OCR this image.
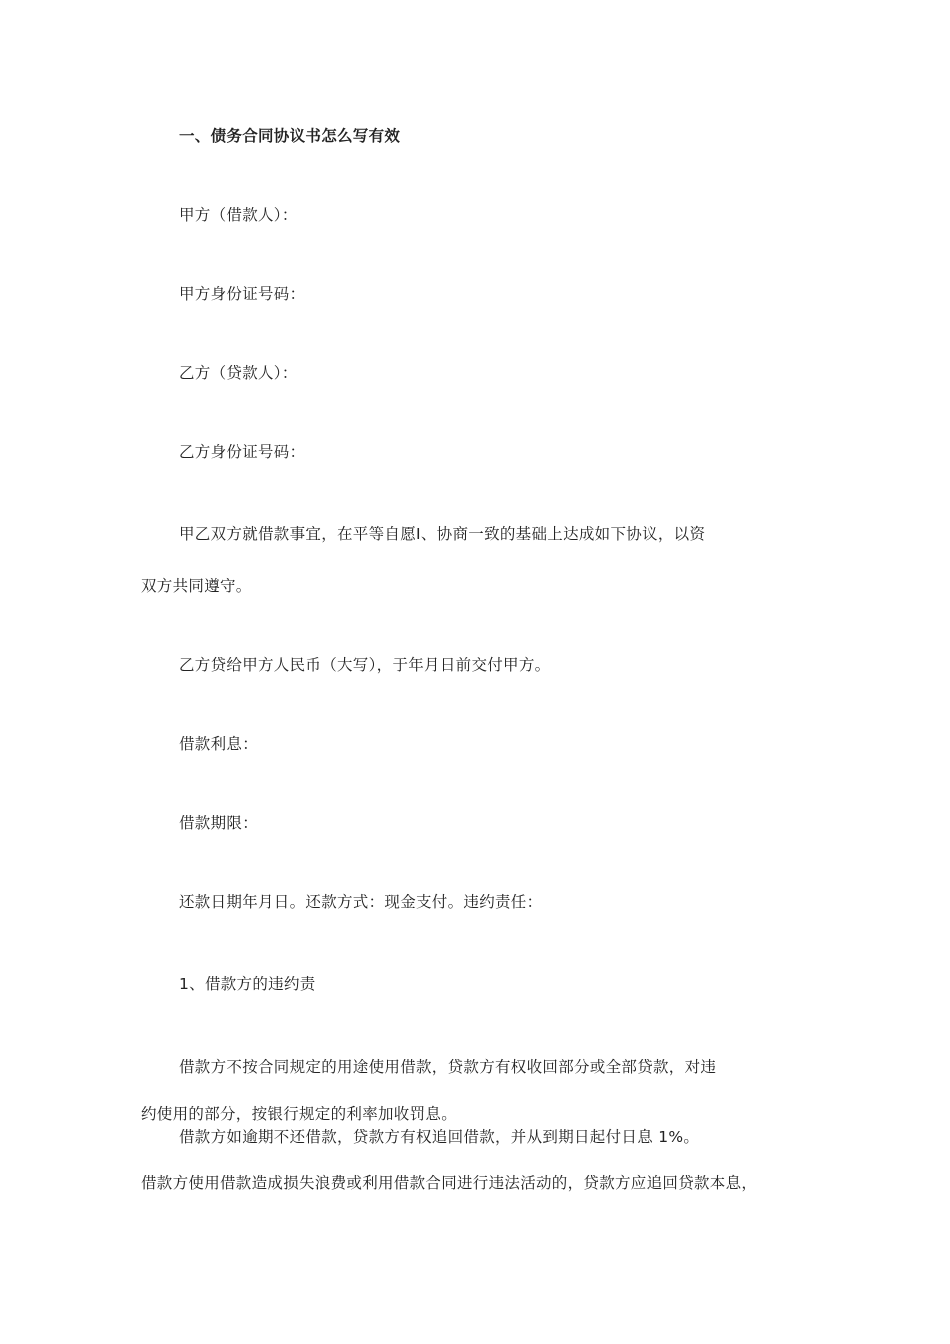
一、债务合同协议书怎么写有效
甲方（借款人）：
甲方身份证号码：
乙方（贷款人）：
乙方身份证号码：
甲乙双方就借款事宜，在平等自愿Ⅰ、协商一致的基础上达成如下协议，以资
双方共同遵守。
乙方贷给甲方人民币（大写），于年月日前交付甲方。
借款利息：
借款期限：
还款日期年月日。还款方式：现金支付。违约责任：
1、借款方的违约责
借款方不按合同规定的用途使用借款，贷款方有权收回部分或全部贷款，对违
约使用的部分，按银行规定的利率加收罚息。
借款方如逾期不还借款，贷款方有权追回借款，并从到期日起付日息 1%。
借款方使用借款造成损失浪费或利用借款合同进行违法活动的，贷款方应追回贷款本息，
